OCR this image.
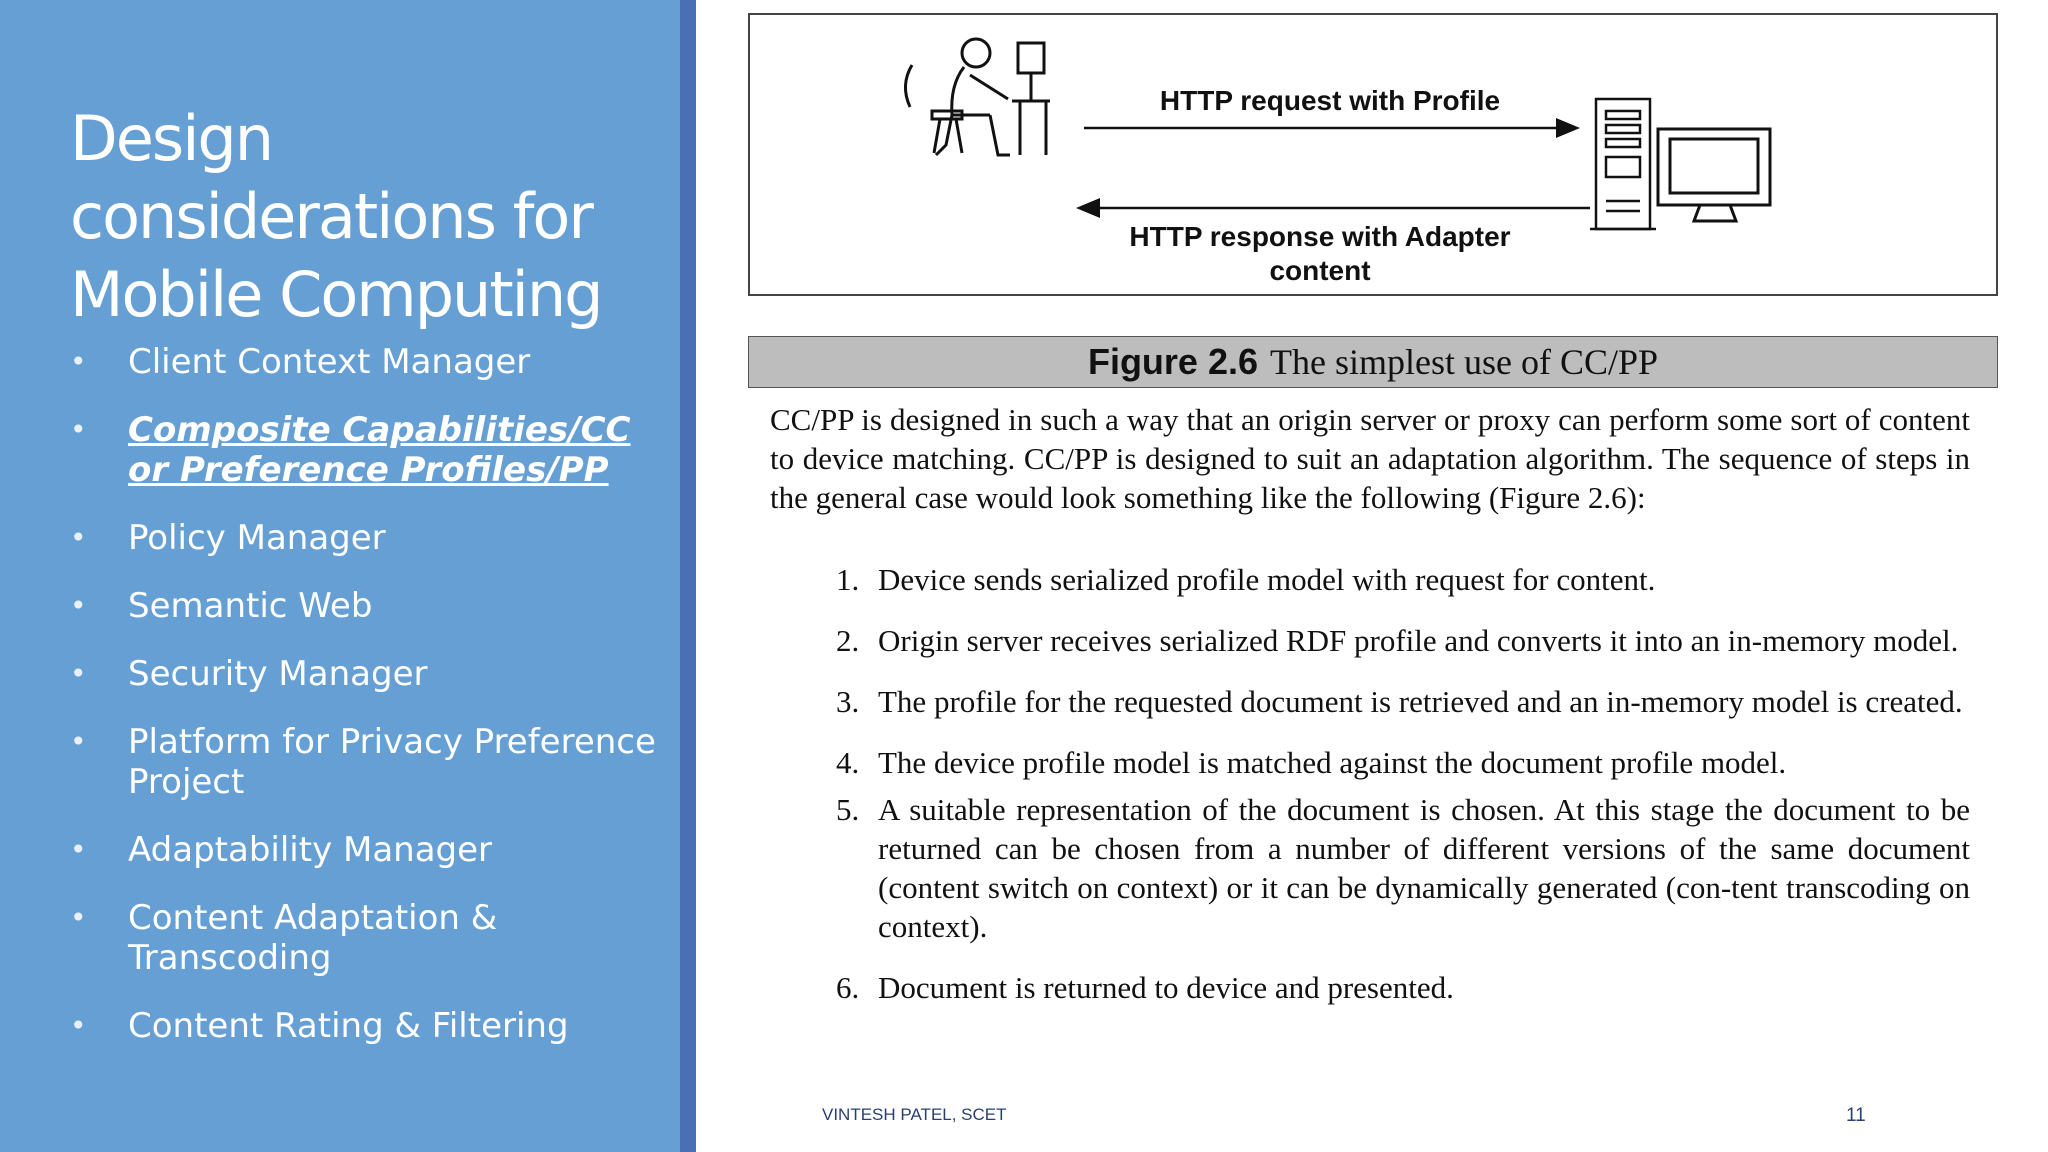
Design considerations for Mobile Computing
• Client Context Manager
• Composite Capabilities/CC or Preference Profiles/PP
• Policy Manager
• Semantic Web
• Security Manager
• Platform for Privacy Preference Project
• Adaptability Manager
• Content Adaptation & Transcoding
• Content Rating & Filtering
HTTP request with Profile
HTTP response with Adapter
content
Figure 2.6 The simplest use of CC/PP

CC/PP is designed in such a way that an origin server or proxy can perform some sort of content to device matching. CC/PP is designed to suit an adaptation algorithm. The sequence of steps in the general case would look something like the following (Figure 2.6):

1. Device sends serialized profile model with request for content.
2. Origin server receives serialized RDF profile and converts it into an in-memory model.
3. The profile for the requested document is retrieved and an in-memory model is created.
4. The device profile model is matched against the document profile model.
5. A suitable representation of the document is chosen. At this stage the document to be returned can be chosen from a number of different versions of the same document (content switch on context) or it can be dynamically generated (con-tent transcoding on context).
6. Document is returned to device and presented.
VINTESH PATEL, SCET	11
